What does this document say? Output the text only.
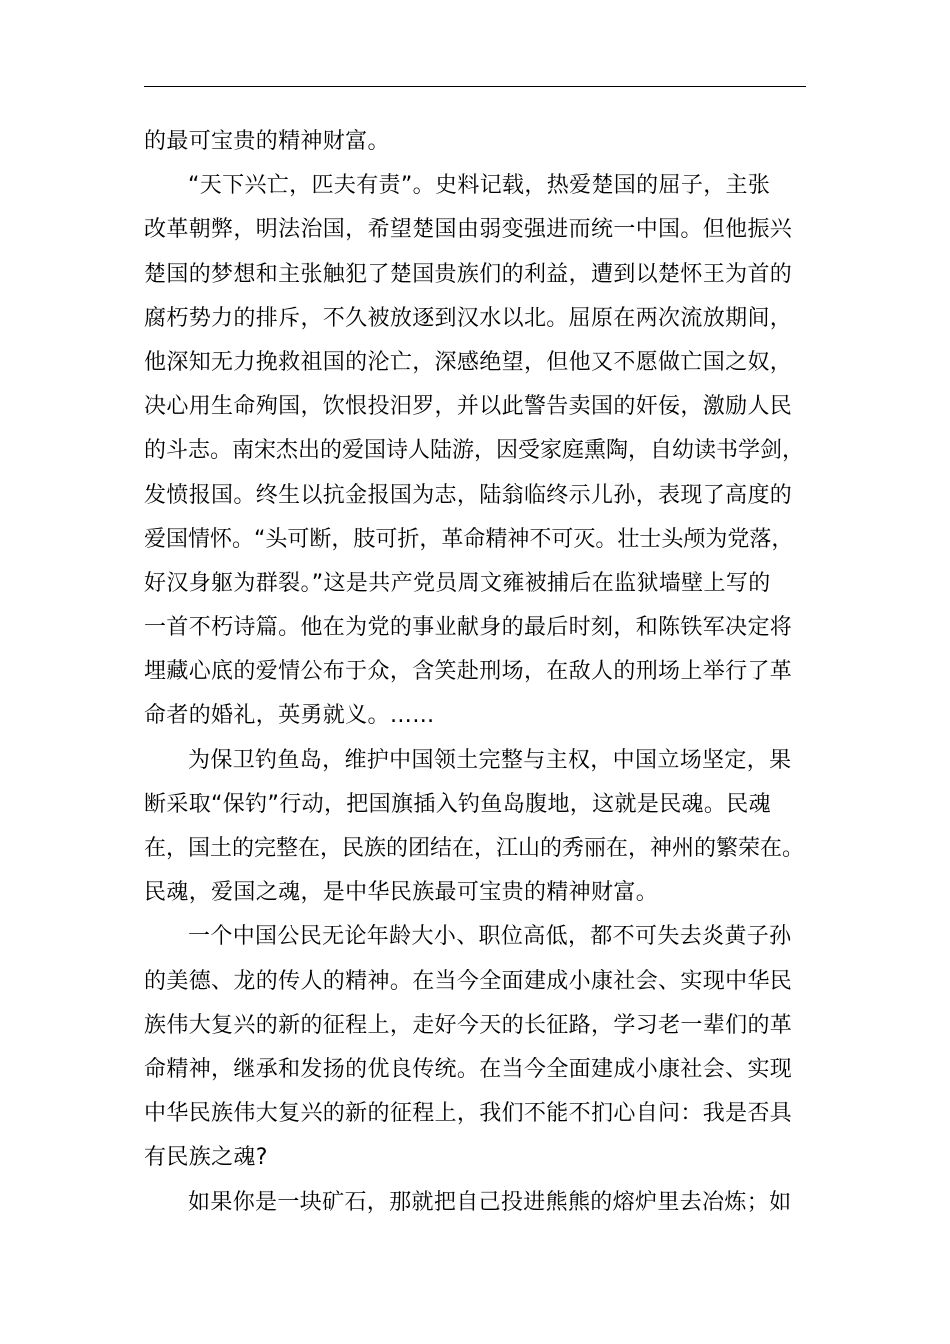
的最可宝贵的精神财富。
“天下兴亡，匹夫有责”。史料记载，热爱楚国的屈子，主张
改革朝弊，明法治国，希望楚国由弱变强进而统一中国。但他振兴
楚国的梦想和主张触犯了楚国贵族们的利益，遭到以楚怀王为首的
腐朽势力的排斥，不久被放逐到汉水以北。屈原在两次流放期间，
他深知无力挽救祖国的沦亡，深感绝望，但他又不愿做亡国之奴，
决心用生命殉国，饮恨投汨罗，并以此警告卖国的奸佞，激励人民
的斗志。南宋杰出的爱国诗人陆游，因受家庭熏陶，自幼读书学剑，
发愤报国。终生以抗金报国为志，陆翁临终示儿孙，表现了高度的
爱国情怀。“头可断，肢可折，革命精神不可灭。壮士头颅为党落，
好汉身躯为群裂。”这是共产党员周文雍被捕后在监狱墙壁上写的
一首不朽诗篇。他在为党的事业献身的最后时刻，和陈铁军决定将
埋藏心底的爱情公布于众，含笑赴刑场，在敌人的刑场上举行了革
命者的婚礼，英勇就义。……
为保卫钓鱼岛，维护中国领土完整与主权，中国立场坚定，果
断采取“保钓”行动，把国旗插入钓鱼岛腹地，这就是民魂。民魂
在，国土的完整在，民族的团结在，江山的秀丽在，神州的繁荣在。
民魂，爱国之魂，是中华民族最可宝贵的精神财富。
一个中国公民无论年龄大小、职位高低，都不可失去炎黄子孙
的美德、龙的传人的精神。在当今全面建成小康社会、实现中华民
族伟大复兴的新的征程上，走好今天的长征路，学习老一辈们的革
命精神，继承和发扬的优良传统。在当今全面建成小康社会、实现
中华民族伟大复兴的新的征程上，我们不能不扪心自问：我是否具
有民族之魂?
如果你是一块矿石，那就把自己投进熊熊的熔炉里去冶炼；如
